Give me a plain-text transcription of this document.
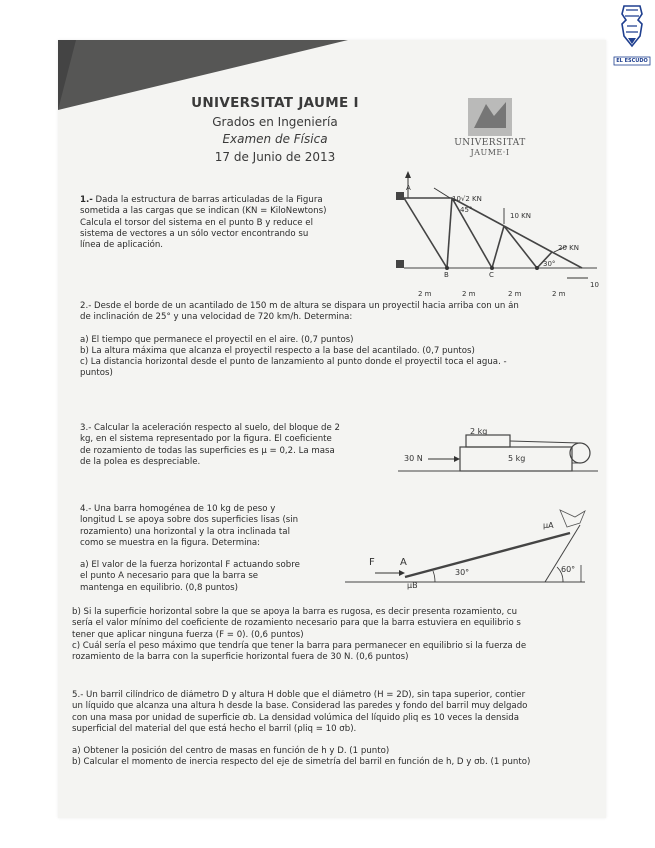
EL ESCUDO
UNIVERSITAT JAUME I
Grados en Ingeniería
Examen de Física
17 de Junio de 2013
UNIVERSITAT
JAUME·I
1.- Dada la estructura de barras articuladas de la Figura
sometida a las cargas que se indican (KN = KiloNewtons)
Calcula el torsor del sistema en el punto B y reduce el
sistema de vectores a un sólo vector encontrando su
línea de aplicación.
10√2 KN
45°
10 KN
20 KN
30°
10
A
B	C
2 m	2 m	2 m	2 m
2.- Desde el borde de un acantilado de 150 m de altura se dispara un proyectil hacia arriba con un án
de inclinación de 25° y una velocidad de 720 km/h. Determina:
a) El tiempo que permanece el proyectil en el aire. (0,7 puntos)
b) La altura máxima que alcanza el proyectil respecto a la base del acantilado. (0,7 puntos)
c) La distancia horizontal desde el punto de lanzamiento al punto donde el proyectil toca el agua. -
puntos)
3.- Calcular la aceleración respecto al suelo, del bloque de 2
kg, en el sistema representado por la figura. El coeficiente
de rozamiento de todas las superficies es μ = 0,2. La masa
de la polea es despreciable.
2 kg
5 kg
30 N
4.- Una barra homogénea de 10 kg de peso y
longitud L se apoya sobre dos superficies lisas (sin
rozamiento) una horizontal y la otra inclinada tal
como se muestra en la figura. Determina:
a) El valor de la fuerza horizontal F actuando sobre
el punto A necesario para que la barra se
mantenga en equilibrio. (0,8 puntos)
b) Si la superficie horizontal sobre la que se apoya la barra es rugosa, es decir presenta rozamiento, cu
sería el valor mínimo del coeficiente de rozamiento necesario para que la barra estuviera en equilibrio s
tener que aplicar ninguna fuerza (F = 0). (0,6 puntos)
c) Cuál sería el peso máximo que tendría que tener la barra para permanecer en equilibrio si la fuerza de
rozamiento de la barra con la superficie horizontal fuera de 30 N. (0,6 puntos)
F	A
30°	60°
μA
μB
5.- Un barril cilíndrico de diámetro D y altura H doble que el diámetro (H = 2D), sin tapa superior, contier
un líquido que alcanza una altura h desde la base. Considerad las paredes y fondo del barril muy delgado
con una masa por unidad de superficie σb. La densidad volúmica del líquido ρliq es 10 veces la densida
superficial del material del que está hecho el barril (ρliq = 10 σb).
a) Obtener la posición del centro de masas en función de h y D. (1 punto)
b) Calcular el momento de inercia respecto del eje de simetría del barril en función de h, D y σb. (1 punto)
